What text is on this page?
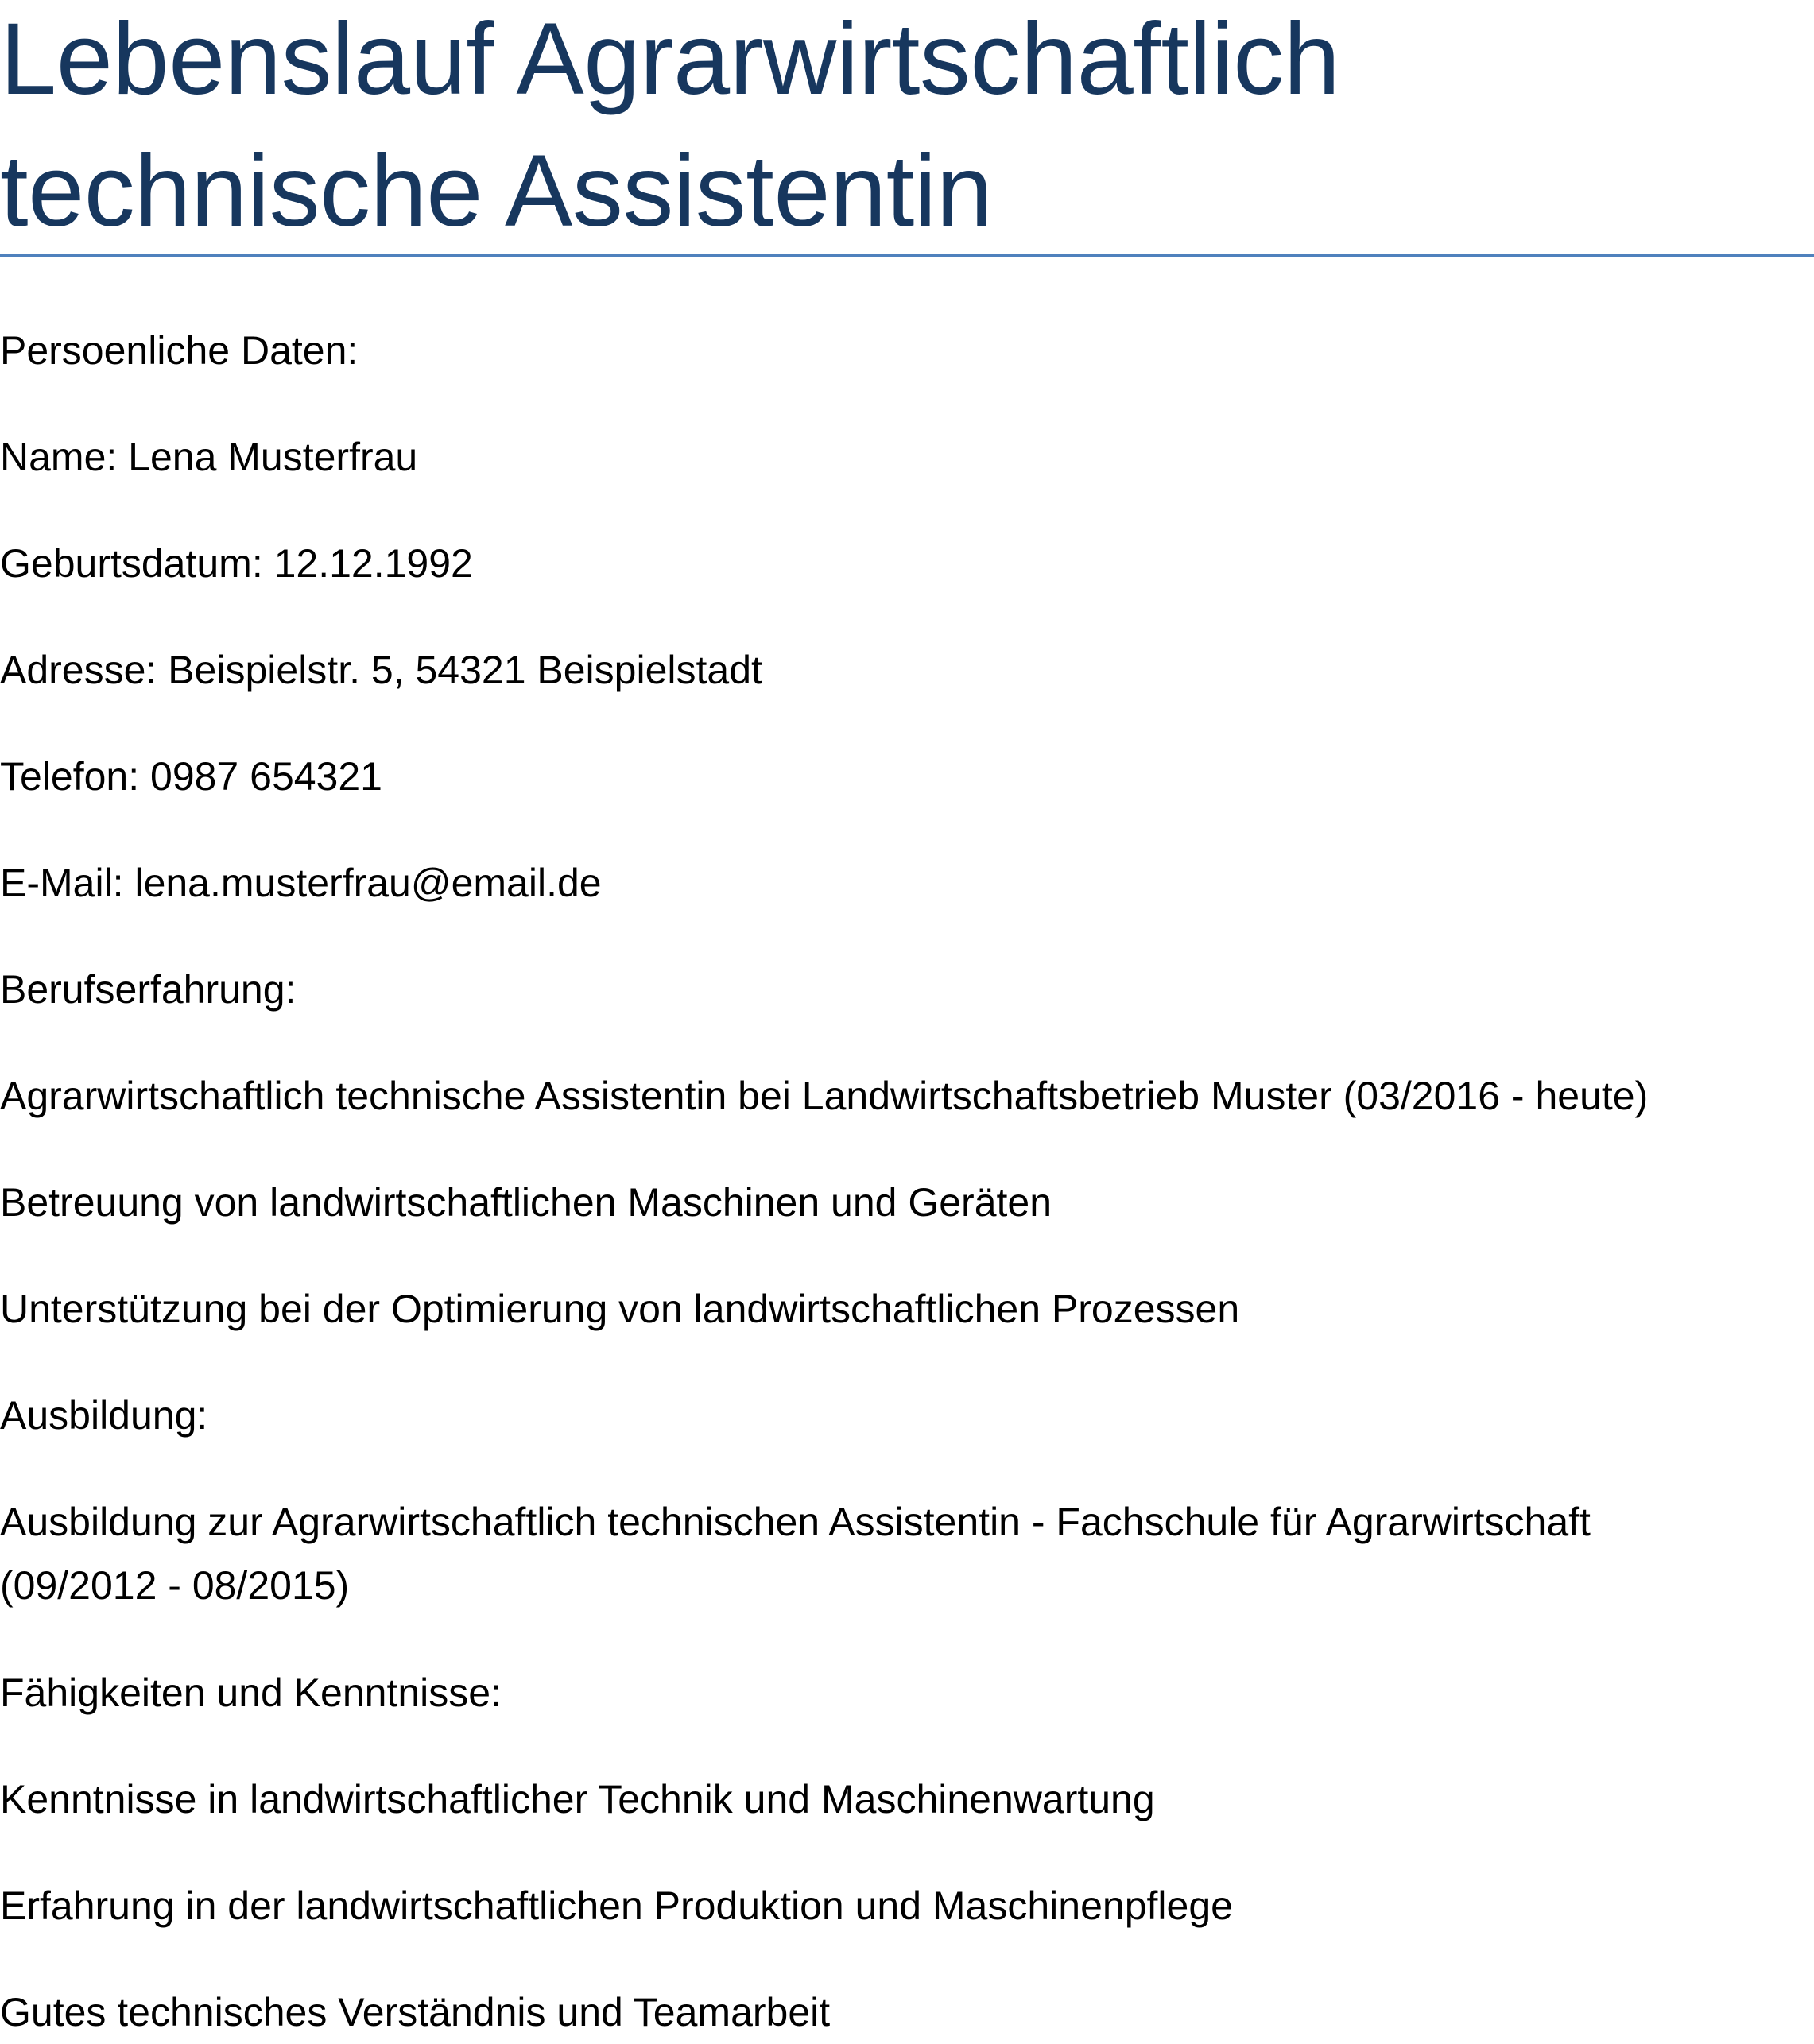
Lebenslauf Agrarwirtschaftlich technische Assistentin

Persoenliche Daten:

Name: Lena Musterfrau

Geburtsdatum: 12.12.1992

Adresse: Beispielstr. 5, 54321 Beispielstadt

Telefon: 0987 654321

E-Mail: lena.musterfrau@email.de

Berufserfahrung:

Agrarwirtschaftlich technische Assistentin bei Landwirtschaftsbetrieb Muster (03/2016 - heute)

Betreuung von landwirtschaftlichen Maschinen und Geräten

Unterstützung bei der Optimierung von landwirtschaftlichen Prozessen

Ausbildung:

Ausbildung zur Agrarwirtschaftlich technischen Assistentin - Fachschule für Agrarwirtschaft (09/2012 - 08/2015)

Fähigkeiten und Kenntnisse:

Kenntnisse in landwirtschaftlicher Technik und Maschinenwartung

Erfahrung in der landwirtschaftlichen Produktion und Maschinenpflege

Gutes technisches Verständnis und Teamarbeit
